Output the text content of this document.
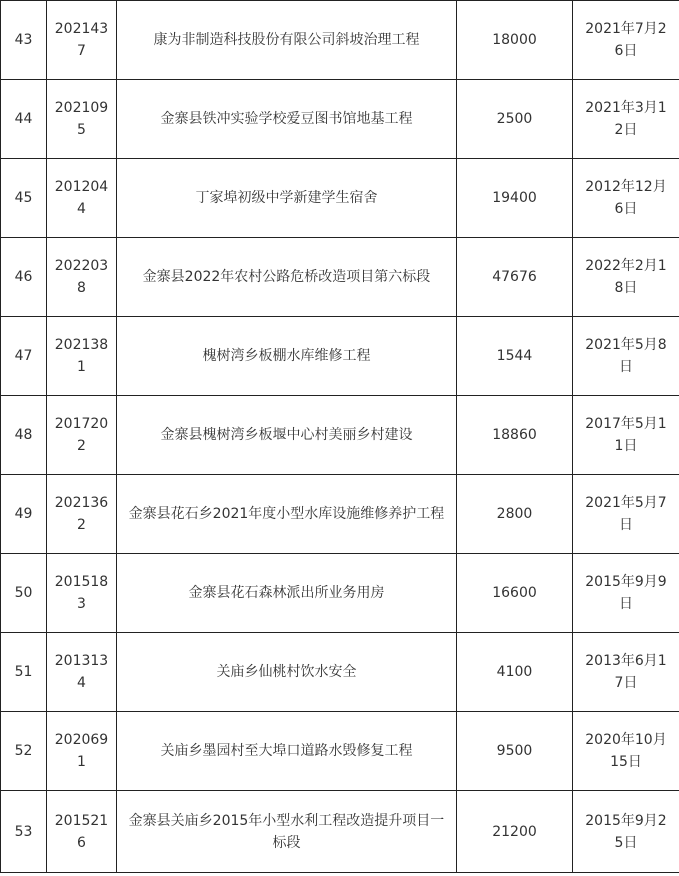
43	2021437	康为非制造科技股份有限公司斜坡治理工程	18000	2021年7月26日
44	2021095	金寨县铁冲实验学校爱豆图书馆地基工程	2500	2021年3月12日
45	2012044	丁家埠初级中学新建学生宿舍	19400	2012年12月6日
46	2022038	金寨县2022年农村公路危桥改造项目第六标段	47676	2022年2月18日
47	2021381	槐树湾乡板棚水库维修工程	1544	2021年5月8日
48	2017202	金寨县槐树湾乡板堰中心村美丽乡村建设	18860	2017年5月11日
49	2021362	金寨县花石乡2021年度小型水库设施维修养护工程	2800	2021年5月7日
50	2015183	金寨县花石森林派出所业务用房	16600	2015年9月9日
51	2013134	关庙乡仙桃村饮水安全	4100	2013年6月17日
52	2020691	关庙乡墨园村至大埠口道路水毁修复工程	9500	2020年10月15日
53	2015216	金寨县关庙乡2015年小型水利工程改造提升项目一标段	21200	2015年9月25日
